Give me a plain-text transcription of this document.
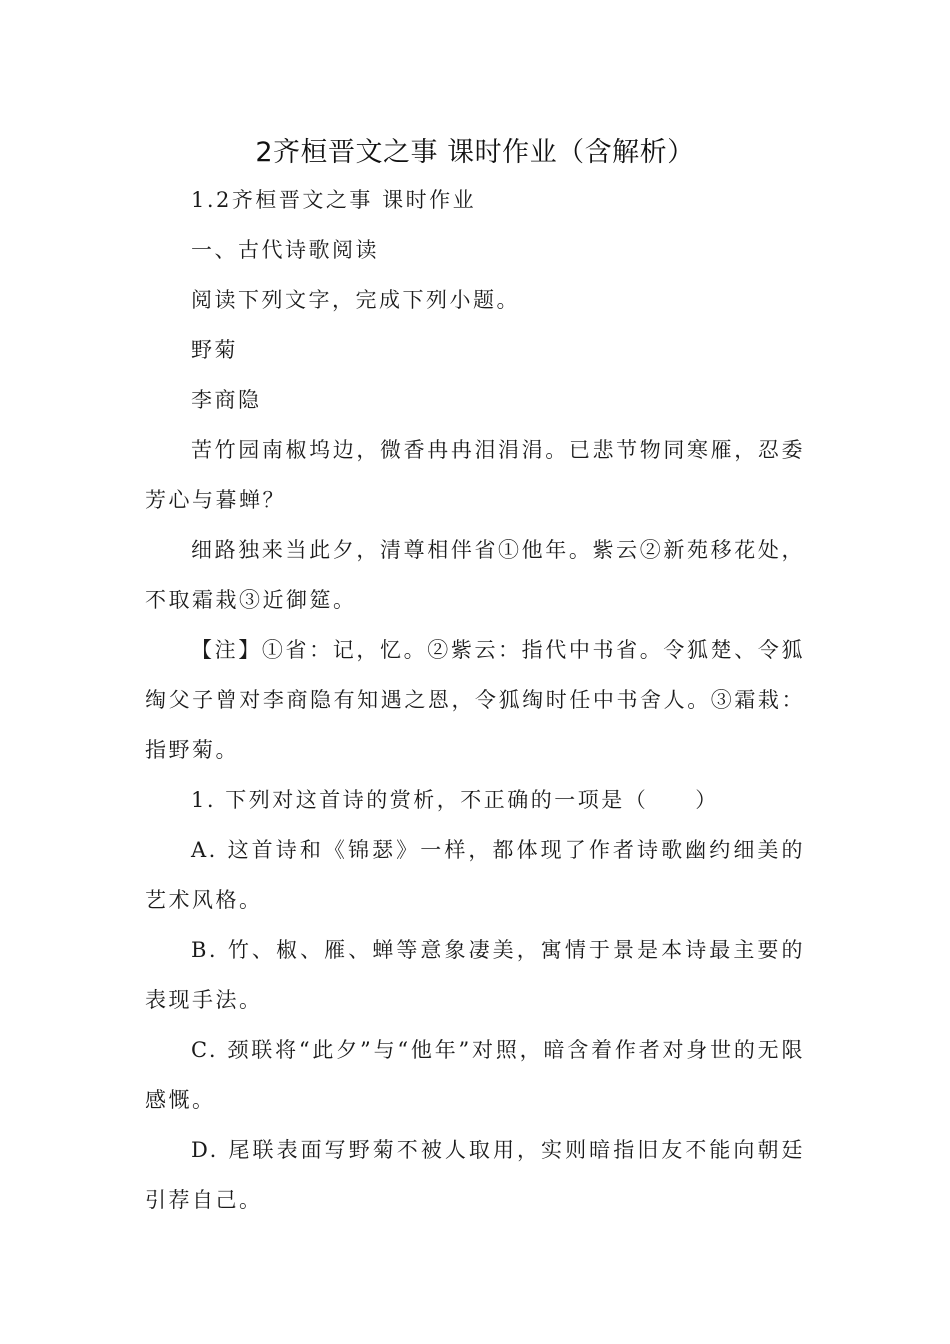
2齐桓晋文之事 课时作业（含解析）

1.2齐桓晋文之事 课时作业

一、古代诗歌阅读

阅读下列文字，完成下列小题。

野菊

李商隐

苦竹园南椒坞边，微香冉冉泪涓涓。已悲节物同寒雁，忍委芳心与暮蝉？

细路独来当此夕，清尊相伴省①他年。紫云②新苑移花处，不取霜栽③近御筵。

【注】①省：记，忆。②紫云：指代中书省。令狐楚、令狐绹父子曾对李商隐有知遇之恩，令狐绹时任中书舍人。③霜栽：指野菊。

1. 下列对这首诗的赏析，不正确的一项是（　　）

A. 这首诗和《锦瑟》一样，都体现了作者诗歌幽约细美的艺术风格。

B. 竹、椒、雁、蝉等意象凄美，寓情于景是本诗最主要的表现手法。

C. 颈联将“此夕”与“他年”对照，暗含着作者对身世的无限感慨。

D. 尾联表面写野菊不被人取用，实则暗指旧友不能向朝廷引荐自己。
